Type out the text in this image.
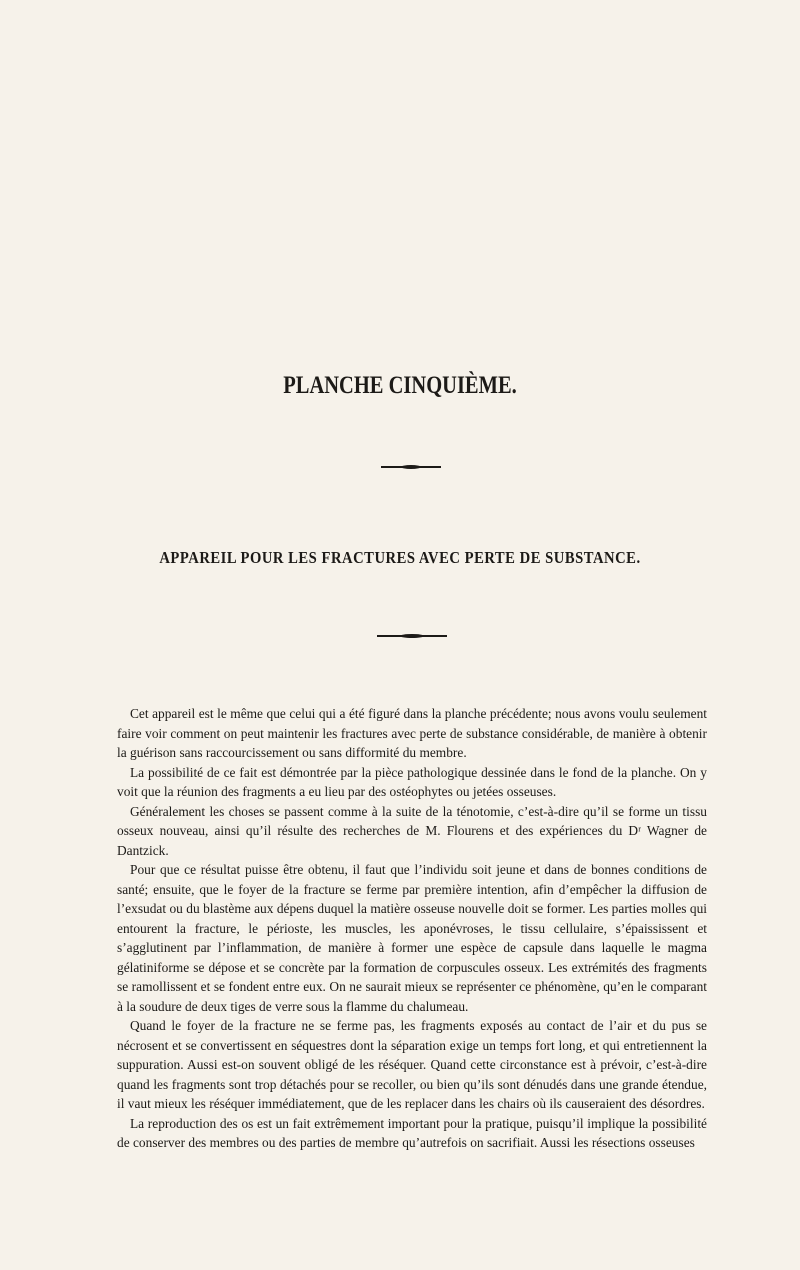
PLANCHE CINQUIÈME.
APPAREIL POUR LES FRACTURES AVEC PERTE DE SUBSTANCE.

Cet appareil est le même que celui qui a été figuré dans la planche précédente; nous avons voulu seulement faire voir comment on peut maintenir les fractures avec perte de substance considérable, de manière à obtenir la guérison sans raccourcissement ou sans difformité du membre.

La possibilité de ce fait est démontrée par la pièce pathologique dessinée dans le fond de la planche. On y voit que la réunion des fragments a eu lieu par des ostéophytes ou jetées osseuses.

Généralement les choses se passent comme à la suite de la ténotomie, c’est-à-dire qu’il se forme un tissu osseux nouveau, ainsi qu’il résulte des recherches de M. Flourens et des expériences du Dʳ Wagner de Dantzick.

Pour que ce résultat puisse être obtenu, il faut que l’individu soit jeune et dans de bonnes conditions de santé; ensuite, que le foyer de la fracture se ferme par première intention, afin d’empêcher la diffusion de l’exsudat ou du blastème aux dépens duquel la matière osseuse nouvelle doit se former. Les parties molles qui entourent la fracture, le périoste, les muscles, les aponévroses, le tissu cellulaire, s’épaississent et s’agglutinent par l’inflammation, de manière à former une espèce de capsule dans laquelle le magma gélatiniforme se dépose et se concrète par la formation de corpuscules osseux. Les extrémités des fragments se ramollissent et se fondent entre eux. On ne saurait mieux se représenter ce phénomène, qu’en le comparant à la soudure de deux tiges de verre sous la flamme du chalumeau.

Quand le foyer de la fracture ne se ferme pas, les fragments exposés au contact de l’air et du pus se nécrosent et se convertissent en séquestres dont la séparation exige un temps fort long, et qui entretiennent la suppuration. Aussi est-on souvent obligé de les réséquer. Quand cette circonstance est à prévoir, c’est-à-dire quand les fragments sont trop détachés pour se recoller, ou bien qu’ils sont dénudés dans une grande étendue, il vaut mieux les réséquer immédiatement, que de les replacer dans les chairs où ils causeraient des désordres.

La reproduction des os est un fait extrêmement important pour la pratique, puisqu’il implique la possibilité de conserver des membres ou des parties de membre qu’autrefois on sacrifiait. Aussi les résections osseuses
